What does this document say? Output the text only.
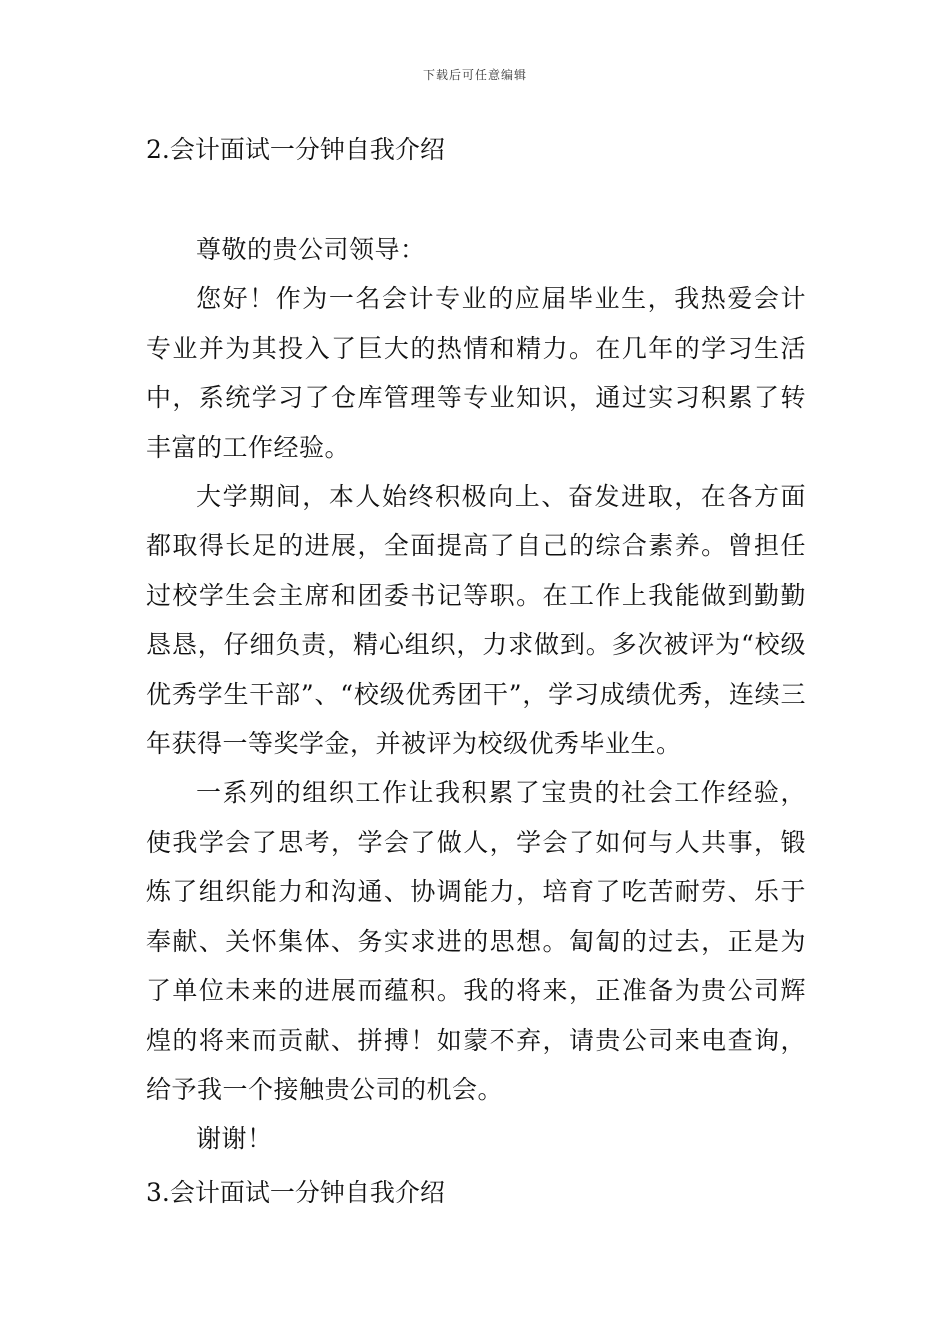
下载后可任意编辑
2.会计面试一分钟自我介绍

尊敬的贵公司领导：

您好！作为一名会计专业的应届毕业生，我热爱会计专业并为其投入了巨大的热情和精力。在几年的学习生活中，系统学习了仓库管理等专业知识，通过实习积累了转丰富的工作经验。

大学期间，本人始终积极向上、奋发进取，在各方面都取得长足的进展，全面提高了自己的综合素养。曾担任过校学生会主席和团委书记等职。在工作上我能做到勤勤恳恳，仔细负责，精心组织，力求做到。多次被评为“校级优秀学生干部”、“校级优秀团干”，学习成绩优秀，连续三年获得一等奖学金，并被评为校级优秀毕业生。

一系列的组织工作让我积累了宝贵的社会工作经验，使我学会了思考，学会了做人，学会了如何与人共事，锻炼了组织能力和沟通、协调能力，培育了吃苦耐劳、乐于奉献、关怀集体、务实求进的思想。匐匐的过去，正是为了单位未来的进展而蕴积。我的将来，正准备为贵公司辉煌的将来而贡献、拼搏！如蒙不弃，请贵公司来电查询，给予我一个接触贵公司的机会。

谢谢！

3.会计面试一分钟自我介绍
